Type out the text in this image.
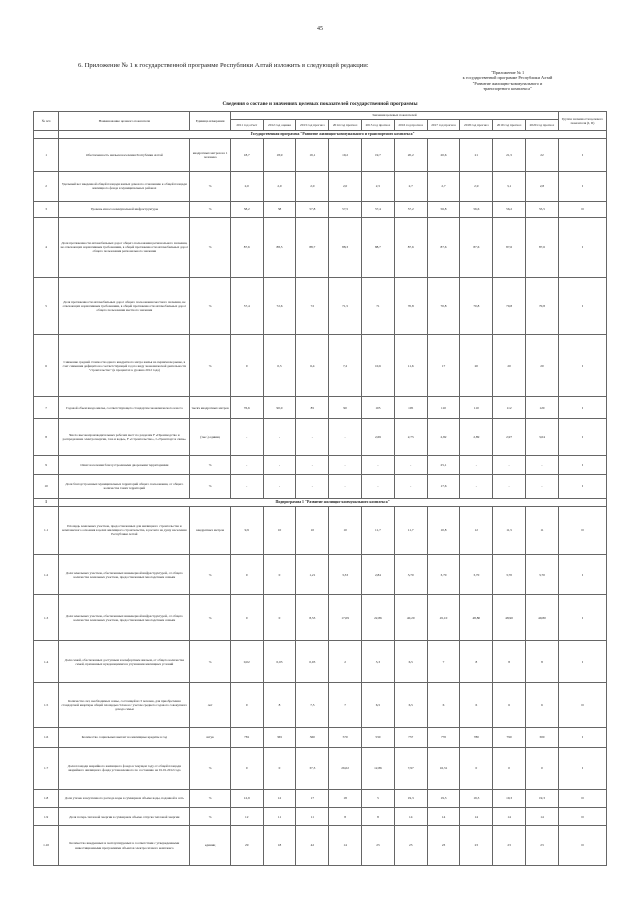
45
6. Приложение № 1 к государственной программе Республики Алтай изложить в следующей редакции:
"Приложение № 1
к государственной программе Республики Алтай
"Развитие жилищно-коммунального и
транспортного комплекса"
Сведения о составе и значениях целевых показателей государственной программы
№ п/п	Наименование целевого показателя	Единица измерения	Значения целевых показателей										Группа значимости целевого показателя (I, II)
			2011 год отчет	2012 год оценка	2013 год прогноз	2014 год прогноз	2015 год прогноз	2016 год прогноз	2017 год прогноз	2018 год прогноз	2019 год прогноз	2020 год прогноз	
	Государственная программа "Развитие жилищно-коммунального и транспортного комплекса"												
1	Обеспеченность жильем населения Республики Алтай	квадратных метров на 1 человека	18,7	18,9	19,1	19,2	19,7	20,2	20,6	21	21,5	22	I
2	Удельный вес введенной общей площади жилых домов по отношению к общей площади жилищного фонда в муниципальных районах	%	2,0	2,0	2,0	2,0	2,5	2,7	2,7	2,9	3,1	2,8	I
3	Уровень износа коммунальной инфраструктуры	%	58,2	58	57,8	57,5	57,4	57,2	56,8	56,6	56,2	55,5	II
4	Доля протяженности автомобильных дорог общего пользования регионального значения, не отвечающих нормативным требованиям, в общей протяженности автомобильных дорог общего пользования регионального значения	%	87,6	88,5	88,7	88,3	88,7	87,6	87,6	87,6	87,6	87,6	I
5	Доля протяженности автомобильных дорог общего пользования местного значения, не отвечающих нормативным требованиям, в общей протяженности автомобильных дорог общего пользования местного значения	%	57,4	72,6	72	71,5	71	70,8	70,8	70,8	70,8	70,8	I
6	Снижение средней стоимости одного квадратного метра жилья на первичном рынке, в счет снижения дефицита на соответствующей год по виду экономической деятельности "строительство" (в процентах к уровню 2012 года)	%	0	0,5	6,4	7,2	10,6	11,6	17	20	20	20	I
7	Годовой объем ввода жилья, соответствующего стандартам экономического класса	тысяч квадратных метров	76,6	90,0	85	90	105	105	110	110	112	120	I
8	Число высокопроизводительных рабочих мест по разделам F «Производство и распределение электроэнергии, газа и воды», F «Строительство», I «Транспорт и связь»	(тыс.) единиц	-	-	-	-	2,69	2,75	2,82	2,89	2,97	3,04	I
9	Охват населения благоустроенными дворовыми территориями	%	-	-	-	-	-	-	25,1	-	-	-	I
10	Доля благоустроенных муниципальных территорий общего пользования, от общего количества таких территорий	%	-	-	-	-	-	-	17,6	-	-	-	I
1	Подпрограмма 1 "Развитие жилищно-коммунального комплекса"												
1.1	Площадь земельных участков, предоставленных для жилищного строительства и комплексного освоения в целях жилищного строительства, в расчете на душу населения Республики Алтай	квадратных метров	9,9	10	10	10	11,7	11,7	10,8	12	11,5	11	II
1.2	Доля земельных участков, обеспеченных инженерной инфраструктурой, от общего количества земельных участков, предоставленных многодетным семьям	%	0	0	1,21	3,33	2,84	3,70	3,70	3,70	3,70	3,70	I
1.3	Доля земельных участков, обеспеченных инженерной инфраструктурой, от общего количества земельных участков, предоставленных многодетным семьям	%	0	0	8,53	17,09	22,86	40,20	45,10	48,80	48,90	49,80	I
1.4	Доля семей, обеспеченных доступным и комфортным жильем, от общего количества семей, признанных нуждающимися в улучшении жилищных условий	%	0,02	0,03	0,03	2	3,3	6,5	7	8	8	8	I
1.5	Количество лет, необходимых семье, состоящей из 3 человек, для приобретения стандартной квартиры общей площадью 54 кв.м с учетом среднего годового совокупного дохода семьи	лет	0	8	7,5	7	6,5	6,5	6	6	6	6	II
1.6	Количество социальных выплат на жилищные кредиты в год	штук	781	365	360	570	530	757	770	780	790	300	I
1.7	Доля площади аварийного жилищного фонда в текущем году от общей площади аварийного жилищного фонда установленного по состоянию на 01.01.2012 года	%	0	0	37,3	26,02	12,86	7,97	16,31	0	0	0	I
1.8	Доля утечек и неучтенного расхода воды в суммарном объеме воды, поданной в сеть	%	12,9	12	17	18	5	19,3	19,3	19,3	19,3	19,3	II
1.9	Доля потерь тепловой энергии в суммарном объеме отпуска тепловой энергии	%	12	11	11	8	8	14	14	14	14	14	II
1.10	Количество внедренных и эксплуатируемых в соответствии с утвержденными инвестиционными программами объектов электросетевого комплекса	единиц	29	18	42	14	23	23	23	23	23	23	II
